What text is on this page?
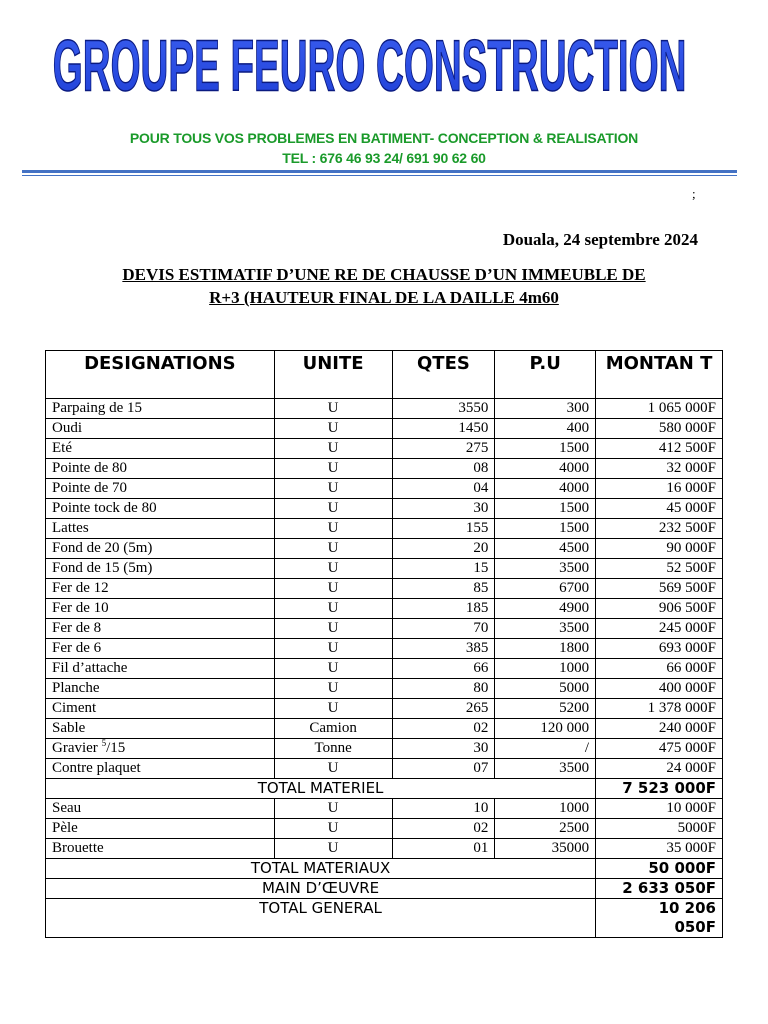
GROUPE FEURO CONSTRUCTION
POUR TOUS VOS PROBLEMES EN BATIMENT- CONCEPTION & REALISATION
TEL : 676 46 93 24/ 691 90 62 60
;
Douala, 24 septembre 2024
DEVIS ESTIMATIF D’UNE RE DE CHAUSSE D’UN IMMEUBLE DE
R+3 (HAUTEUR FINAL DE LA DAILLE 4m60
DESIGNATIONS	UNITE	QTES	P.U	MONTAN T
Parpaing de 15	U	3550	300	1 065 000F
Oudi	U	1450	400	580 000F
Eté	U	275	1500	412 500F
Pointe de 80	U	08	4000	32 000F
Pointe de 70	U	04	4000	16 000F
Pointe tock de 80	U	30	1500	45 000F
Lattes	U	155	1500	232 500F
Fond de 20 (5m)	U	20	4500	90 000F
Fond de 15 (5m)	U	15	3500	52 500F
Fer de 12	U	85	6700	569 500F
Fer de 10	U	185	4900	906 500F
Fer de 8	U	70	3500	245 000F
Fer de 6	U	385	1800	693 000F
Fil d’attache	U	66	1000	66 000F
Planche	U	80	5000	400 000F
Ciment	U	265	5200	1 378 000F
Sable	Camion	02	120 000	240 000F
Gravier $^5$/15	Tonne	30	/	475 000F
Contre plaquet	U	07	3500	24 000F
TOTAL MATERIEL				7 523 000F
Seau	U	10	1000	10 000F
Pèle	U	02	2500	5000F
Brouette	U	01	35000	35 000F
TOTAL MATERIAUX				50 000F
MAIN D’ŒUVRE				2 633 050F
TOTAL GENERAL				10 206 050F
